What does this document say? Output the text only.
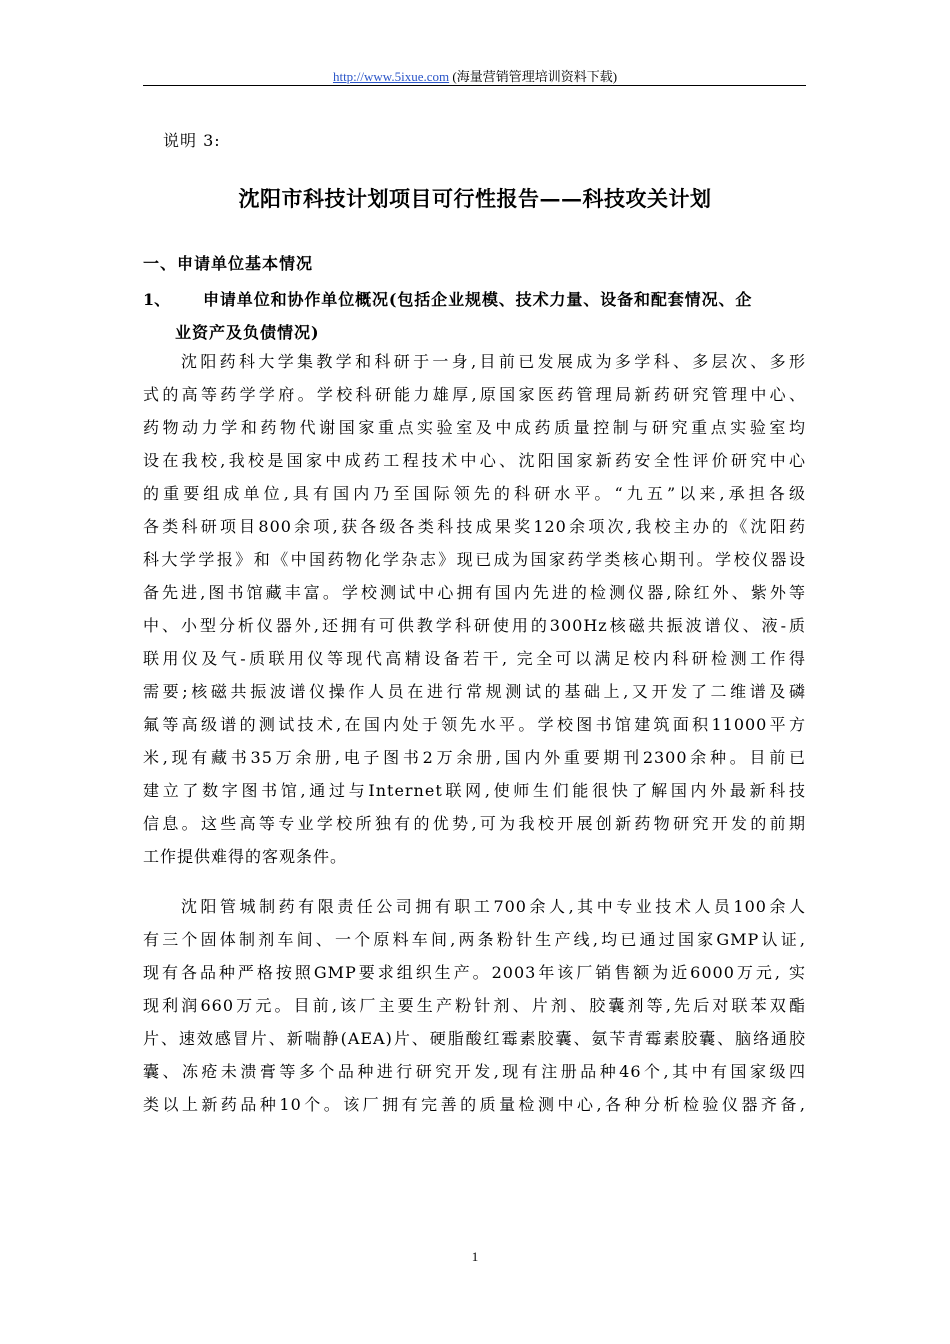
http://www.5ixue.com (海量营销管理培训资料下载)
说明 3:
沈阳市科技计划项目可行性报告——科技攻关计划
一、申请单位基本情况
1、 申请单位和协作单位概况(包括企业规模、技术力量、设备和配套情况、企
业资产及负债情况)
沈阳药科大学集教学和科研于一身,目前已发展成为多学科、多层次、多形
式的高等药学学府。学校科研能力雄厚,原国家医药管理局新药研究管理中心、
药物动力学和药物代谢国家重点实验室及中成药质量控制与研究重点实验室均
设在我校,我校是国家中成药工程技术中心、沈阳国家新药安全性评价研究中心
的重要组成单位,具有国内乃至国际领先的科研水平。“九五”以来,承担各级
各类科研项目800余项,获各级各类科技成果奖120余项次,我校主办的《沈阳药
科大学学报》和《中国药物化学杂志》现已成为国家药学类核心期刊。学校仪器设
备先进,图书馆藏丰富。学校测试中心拥有国内先进的检测仪器,除红外、紫外等
中、小型分析仪器外,还拥有可供教学科研使用的300Hz核磁共振波谱仪、液-质
联用仪及气-质联用仪等现代高精设备若干, 完全可以满足校内科研检测工作得
需要;核磁共振波谱仪操作人员在进行常规测试的基础上,又开发了二维谱及磷
氟等高级谱的测试技术,在国内处于领先水平。学校图书馆建筑面积11000平方
米,现有藏书35万余册,电子图书2万余册,国内外重要期刊2300余种。目前已
建立了数字图书馆,通过与Internet联网,使师生们能很快了解国内外最新科技
信息。这些高等专业学校所独有的优势,可为我校开展创新药物研究开发的前期
工作提供难得的客观条件。
沈阳管城制药有限责任公司拥有职工700余人,其中专业技术人员100余人
有三个固体制剂车间、一个原料车间,两条粉针生产线,均已通过国家GMP认证,
现有各品种严格按照GMP要求组织生产。2003年该厂销售额为近6000万元, 实
现利润660万元。目前,该厂主要生产粉针剂、片剂、胶囊剂等,先后对联苯双酯
片、速效感冒片、新喘静(AEA)片、硬脂酸红霉素胶囊、氨苄青霉素胶囊、脑络通胶
囊、冻疮未溃膏等多个品种进行研究开发,现有注册品种46个,其中有国家级四
类以上新药品种10个。该厂拥有完善的质量检测中心,各种分析检验仪器齐备,
1
